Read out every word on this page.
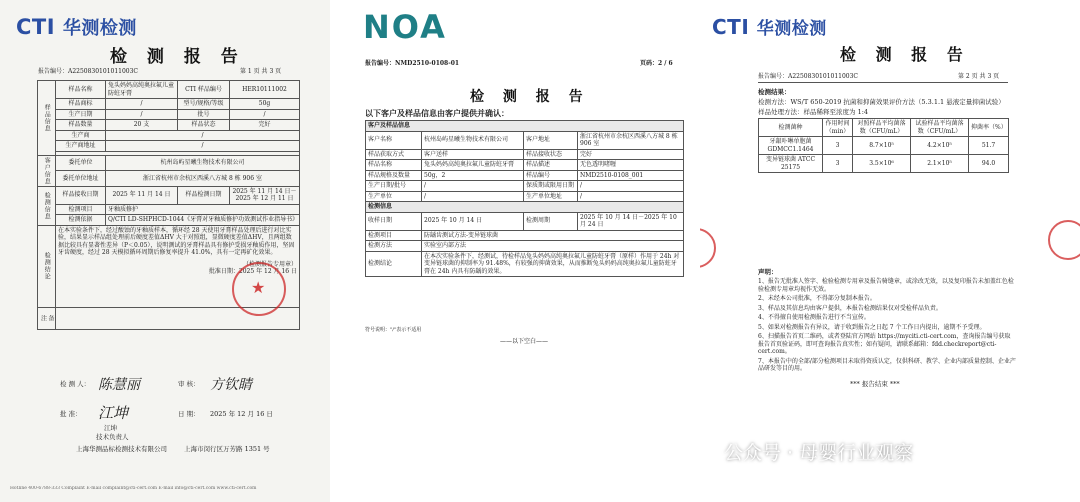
CTI 华测检测
检 测 报 告
报告编号：A2250830101011003C	第 1 页 共 3 页
样品信息	样品名称	兔头妈妈高纯奥拉氟儿童防蛀牙膏	CTI 样品编号	HER10111002
	样品商标	/	型号/规格/等级	50g
	生产日期	/	批号	/
	样品数量	20 支	样品状态	完好
	生产商	/		
	生产商地址	/		

客户信息	委托单位	杭州岛屿星曦生物技术有限公司		
	委托单位地址	浙江省杭州市余杭区西溪八方城 8 栋 906 室		
检测信息	样品接收日期	2025 年 11 月 14 日	样品检测日期	2025 年 11 月 14 日－2025 年 12 月 11 日
	检测项目	牙釉质修护		
	检测依据	Q/CTI LD-SHPHCD-1044《牙膏对牙釉质修护功效测试作业指导书》		
检测结论	在本实验条件下，经过酸蚀的牙釉质样本，循环经 28 天使用牙膏样品处理后进行对比实验，结果显示样品组处理前后硬度差值ΔHV 大于对照组，显微硬度差值ΔHV，且两组数据比较具有显著性差异（P＜0.05），说明测试的牙膏样品具有修护受损牙釉质作用，坚固牙齿硬度，经过 28 天模拟循环周期后修复率提升 41.0%，具有一定再矿化效果。
（检测报告专用章）
批准日期：2025 年 12 月 16 日			

备 注				
★
检 测 人： 陈慧丽	审 核： 方钦睛
批 准： 江坤	日 期： 2025 年 12 月 16 日
江坤
技术负责人
上海华测品标检测技术有限公司	上海市闵行区万芳路 1351 号
Hotline 400-6788-333 Complaint E-mail complaint@cti-cert.com E-mail info@cti-cert.com www.cti-cert.com
NOA
报告编号：NMD2510-0108-01	页码：2 / 6
检 测 报 告
以下客户及样品信息由客户提供并确认：
客户及样品信息			
客户名称	杭州岛屿星曦生物技术有限公司	客户地址	浙江省杭州市余杭区西溪八方城 8 栋 906 室
样品获取方式	客户送样	样品接收状态	完好
样品名称	兔头妈妈高纯奥拉氟儿童防蛀牙膏	样品描述	无色透明啫喱
样品规格及数量	50g，2	样品编号	NMD2510-0108_001
生产日期/批号	/	保质期或限用日期	/
生产单位	/	生产单位地址	/
检测信息			
收样日期	2025 年 10 月 14 日	检测周期	2025 年 10 月 14 日－2025 年 10 月 24 日
检测项目	防龋齿测试方法-变异链球菌		
检测方法	实验室内部方法		
检测结论	在本次实验条件下，经测试，待检样品兔头妈妈高纯奥拉氟儿童防蛀牙膏（原样）作用于 24h 对变异链球菌的抑制率为 91.48%，有较强的抑菌效果，从而推断兔头妈妈高纯奥拉氟儿童防蛀牙膏在 24h 内具有防龋的效果。		
符号说明："/"表示不适用
——以下空白——
CTI 华测检测
检 测 报 告
报告编号：A2250830101011003C	第 2 页 共 3 页
检测结果：
检测方法：WS/T 650-2019 抗菌和抑菌效果评价方法（5.3.1.1 悬液定量抑菌试验）
样品处理方法：样品稀释至浓度为 1:4
检测菌种	作用时间（min）	对照样品平均菌落数（CFU/mL）	试验样品平均菌落数（CFU/mL）	抑菌率（%）
牙龈卟啉单胞菌 GDMCC1.1464	3	8.7×10⁵	4.2×10⁵	51.7
变异链球菌 ATCC 25175	3	3.5×10⁶	2.1×10⁵	94.0
声明：
1、报告无批准人签字、检验检测专用章及报告骑缝章，或涂改无效，以及复印报告未加盖红色检验检测专用章均视作无效。
2、未经本公司批准，不得部分复制本报告。
3、样品及其信息均由客户提供，本报告检测结果仅对受检样品负责。
4、不得擅自使用检测报告进行不当宣传。
5、如果对检测报告有异议，请于收到报告之日起 7 个工作日内提出，逾期不予受理。
6、扫描报告首页二维码，或者登陆官方网站 https://myciti.cti-cert.com，查询报告编号获取报告首页验证码，即可查询报告真实性；如有疑问，请联系邮箱：fdd.checkreport@cti-cert.com。
7、本报告中的全部/部分检测项目未取得资质认定，仅供科研、教学、企业内部质量控制、企业产品研发等目的用。
*** 报告结束 ***
公众号 · 母婴行业观察
